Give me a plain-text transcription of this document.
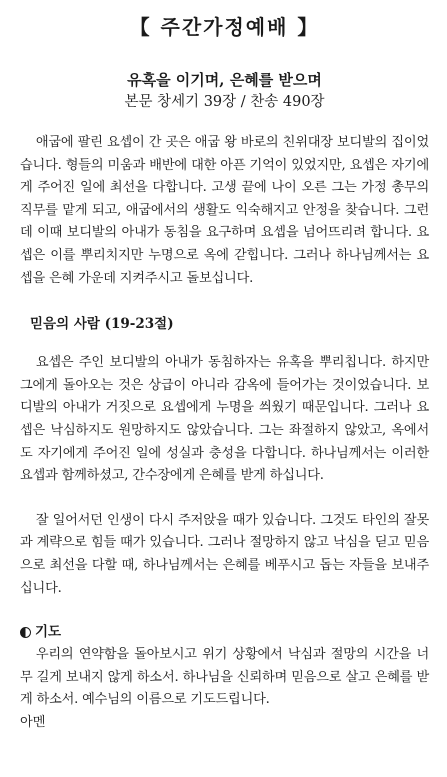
【 주간가정예배 】
유혹을 이기며, 은혜를 받으며
본문 창세기 39장 / 찬송 490장

애굽에 팔린 요셉이 간 곳은 애굽 왕 바로의 친위대장 보디발의 집이었습니다. 형들의 미움과 배반에 대한 아픈 기억이 있었지만, 요셉은 자기에게 주어진 일에 최선을 다합니다. 고생 끝에 나이 오른 그는 가정 총무의 직무를 맡게 되고, 애굽에서의 생활도 익숙해지고 안정을 찾습니다. 그런데 이때 보디발의 아내가 동침을 요구하며 요셉을 넘어뜨리려 합니다. 요셉은 이를 뿌리치지만 누명으로 옥에 갇힙니다. 그러나 하나님께서는 요셉을 은혜 가운데 지켜주시고 돌보십니다.

믿음의 사람 (19-23절)

요셉은 주인 보디발의 아내가 동침하자는 유혹을 뿌리칩니다. 하지만 그에게 돌아오는 것은 상급이 아니라 감옥에 들어가는 것이었습니다. 보디발의 아내가 거짓으로 요셉에게 누명을 씌웠기 때문입니다. 그러나 요셉은 낙심하지도 원망하지도 않았습니다. 그는 좌절하지 않았고, 옥에서도 자기에게 주어진 일에 성실과 충성을 다합니다. 하나님께서는 이러한 요셉과 함께하셨고, 간수장에게 은혜를 받게 하십니다.

잘 일어서던 인생이 다시 주저앉을 때가 있습니다. 그것도 타인의 잘못과 계략으로 힘들 때가 있습니다. 그러나 절망하지 않고 낙심을 딛고 믿음으로 최선을 다할 때, 하나님께서는 은혜를 베푸시고 돕는 자들을 보내주십니다.

기도

우리의 연약함을 돌아보시고 위기 상황에서 낙심과 절망의 시간을 너무 길게 보내지 않게 하소서. 하나님을 신뢰하며 믿음으로 살고 은혜를 받게 하소서. 예수님의 이름으로 기도드립니다.

아멘
